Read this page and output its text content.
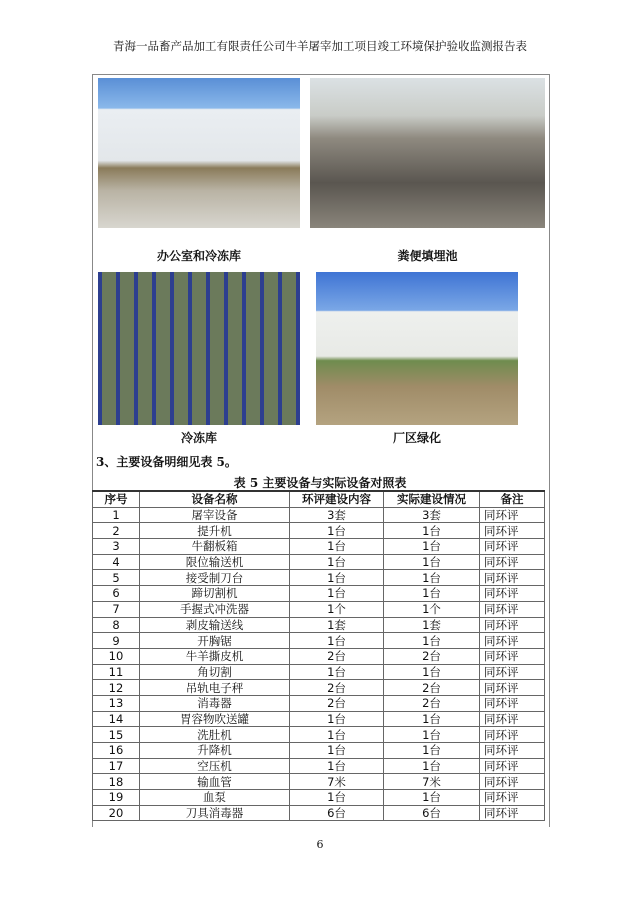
青海一品畜产品加工有限责任公司牛羊屠宰加工项目竣工环境保护验收监测报告表
办公室和冷冻库	粪便填埋池
冷冻库	厂区绿化
3、主要设备明细见表 5。
表 5 主要设备与实际设备对照表
序号	设备名称	环评建设内容	实际建设情况	备注
1	屠宰设备	3套	3套	同环评
2	提升机	1台	1台	同环评
3	牛翻板箱	1台	1台	同环评
4	限位输送机	1台	1台	同环评
5	接受制刀台	1台	1台	同环评
6	蹄切割机	1台	1台	同环评
7	手握式冲洗器	1个	1个	同环评
8	剥皮输送线	1套	1套	同环评
9	开胸锯	1台	1台	同环评
10	牛羊撕皮机	2台	2台	同环评
11	角切割	1台	1台	同环评
12	吊轨电子秤	2台	2台	同环评
13	消毒器	2台	2台	同环评
14	胃容物吹送罐	1台	1台	同环评
15	洗肚机	1台	1台	同环评
16	升降机	1台	1台	同环评
17	空压机	1台	1台	同环评
18	输血管	7米	7米	同环评
19	血泵	1台	1台	同环评
20	刀具消毒器	6台	6台	同环评
6
